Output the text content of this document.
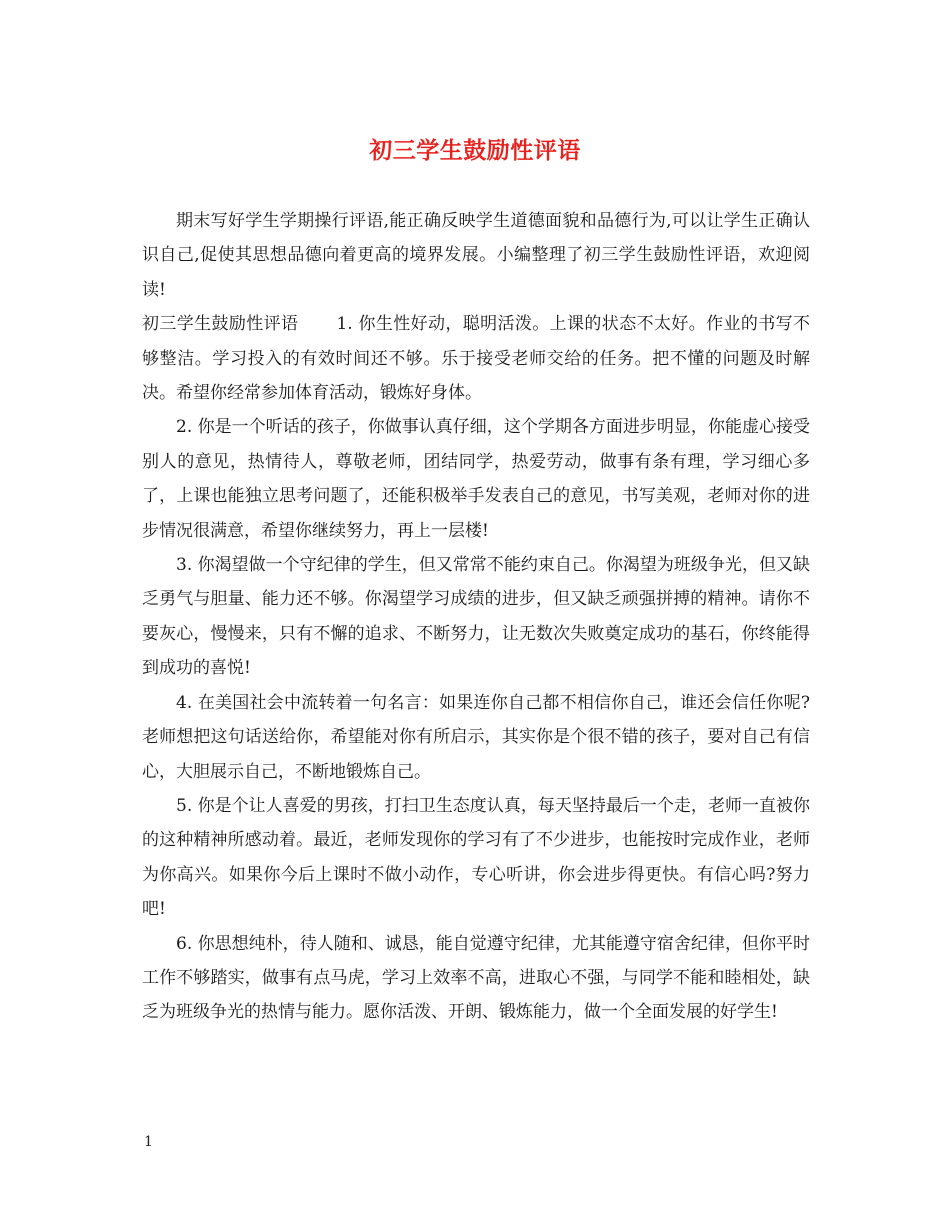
初三学生鼓励性评语

期末写好学生学期操行评语,能正确反映学生道德面貌和品德行为,可以让学生正确认识自己,促使其思想品德向着更高的境界发展。小编整理了初三学生鼓励性评语，欢迎阅读!

初三学生鼓励性评语 1. 你生性好动，聪明活泼。上课的状态不太好。作业的书写不够整洁。学习投入的有效时间还不够。乐于接受老师交给的任务。把不懂的问题及时解决。希望你经常参加体育活动，锻炼好身体。

2. 你是一个听话的孩子，你做事认真仔细，这个学期各方面进步明显，你能虚心接受别人的意见，热情待人，尊敬老师，团结同学，热爱劳动，做事有条有理，学习细心多了，上课也能独立思考问题了，还能积极举手发表自己的意见，书写美观，老师对你的进步情况很满意，希望你继续努力，再上一层楼!

3. 你渴望做一个守纪律的学生，但又常常不能约束自己。你渴望为班级争光，但又缺乏勇气与胆量、能力还不够。你渴望学习成绩的进步，但又缺乏顽强拼搏的精神。请你不要灰心，慢慢来，只有不懈的追求、不断努力，让无数次失败奠定成功的基石，你终能得到成功的喜悦!

4. 在美国社会中流转着一句名言：如果连你自己都不相信你自己，谁还会信任你呢?老师想把这句话送给你，希望能对你有所启示，其实你是个很不错的孩子，要对自己有信心，大胆展示自己，不断地锻炼自己。

5. 你是个让人喜爱的男孩，打扫卫生态度认真，每天坚持最后一个走，老师一直被你的这种精神所感动着。最近，老师发现你的学习有了不少进步，也能按时完成作业，老师为你高兴。如果你今后上课时不做小动作，专心听讲，你会进步得更快。有信心吗?努力吧!

6. 你思想纯朴，待人随和、诚恳，能自觉遵守纪律，尤其能遵守宿舍纪律，但你平时工作不够踏实，做事有点马虎，学习上效率不高，进取心不强，与同学不能和睦相处，缺乏为班级争光的热情与能力。愿你活泼、开朗、锻炼能力，做一个全面发展的好学生!

1
